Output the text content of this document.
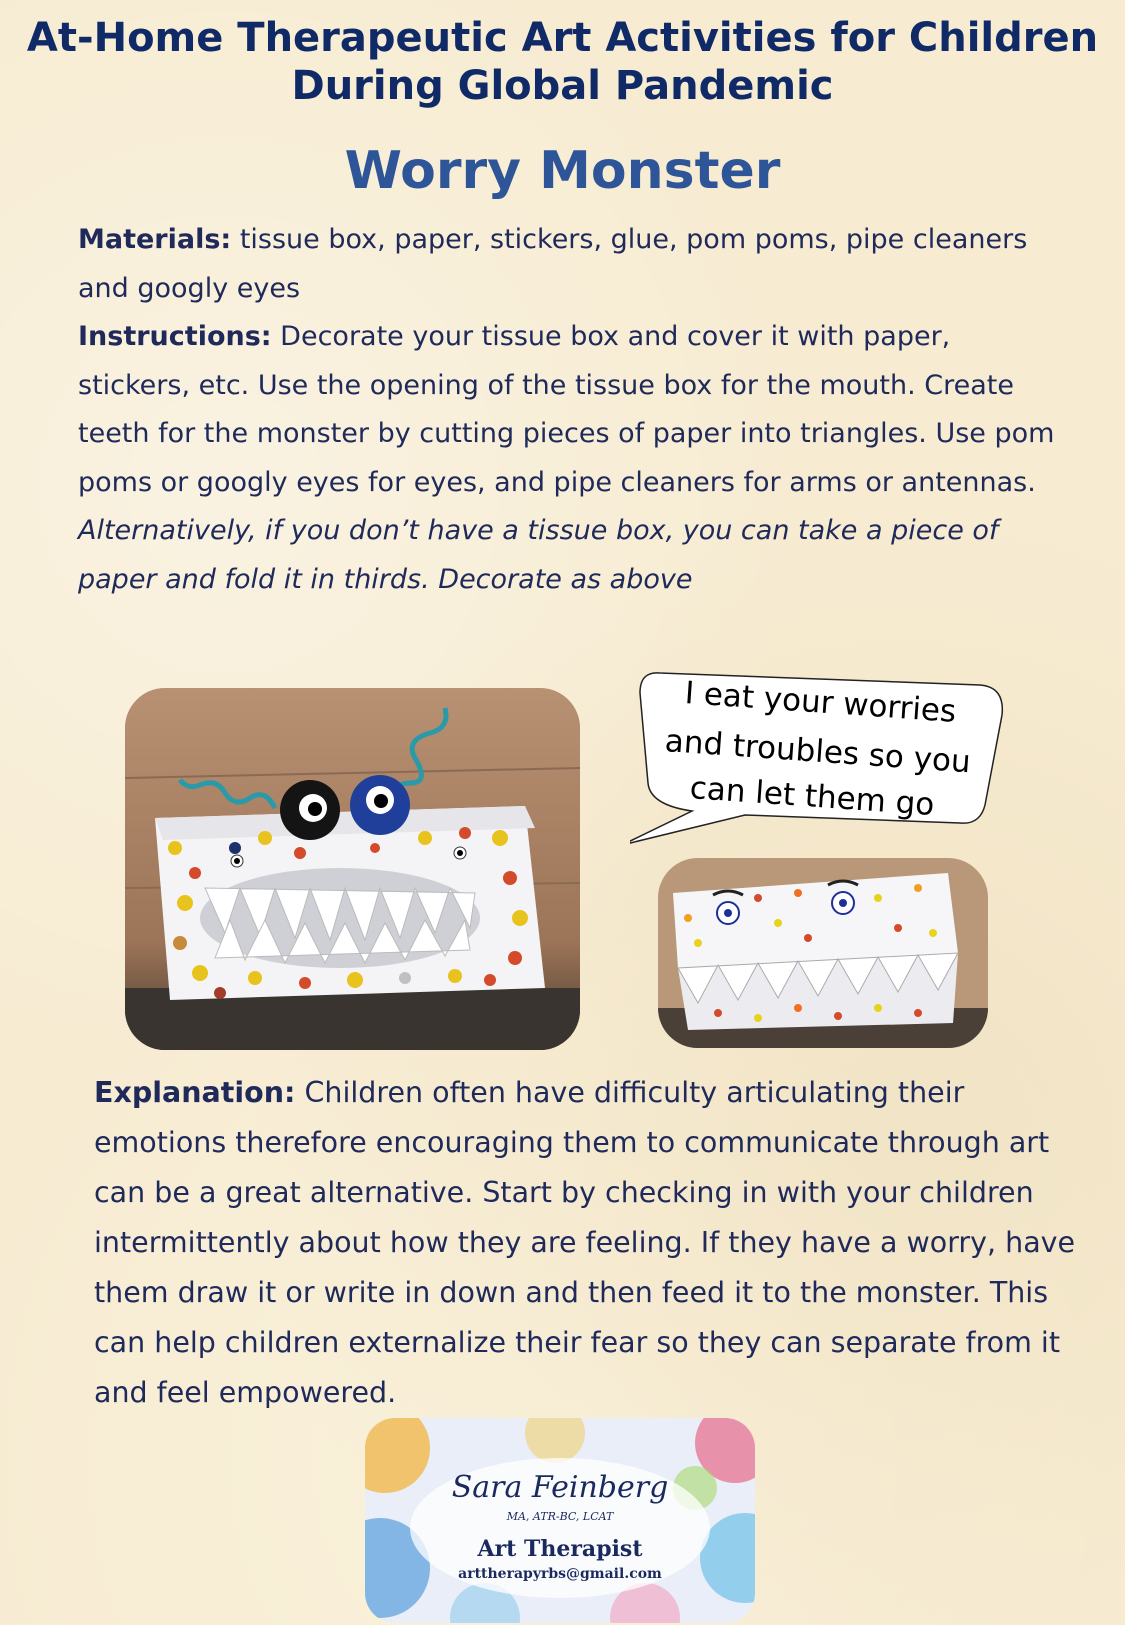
At-Home Therapeutic Art Activities for Children
During Global Pandemic
Worry Monster
Materials: tissue box, paper, stickers, glue, pom poms, pipe cleaners and googly eyes
Instructions: Decorate your tissue box and cover it with paper, stickers, etc. Use the opening of the tissue box for the mouth. Create teeth for the monster by cutting pieces of paper into triangles. Use pom poms or googly eyes for eyes, and pipe cleaners for arms or antennas.
Alternatively, if you don’t have a tissue box, you can take a piece of paper and fold it in thirds. Decorate as above
I eat your worries
and troubles so you
can let them go
Explanation: Children often have difficulty articulating their emotions therefore encouraging them to communicate through art can be a great alternative. Start by checking in with your children intermittently about how they are feeling. If they have a worry, have them draw it or write in down and then feed it to the monster. This can help children externalize their fear so they can separate from it and feel empowered.
Sara Feinberg
MA, ATR-BC, LCAT
Art Therapist
arttherapyrbs@gmail.com
